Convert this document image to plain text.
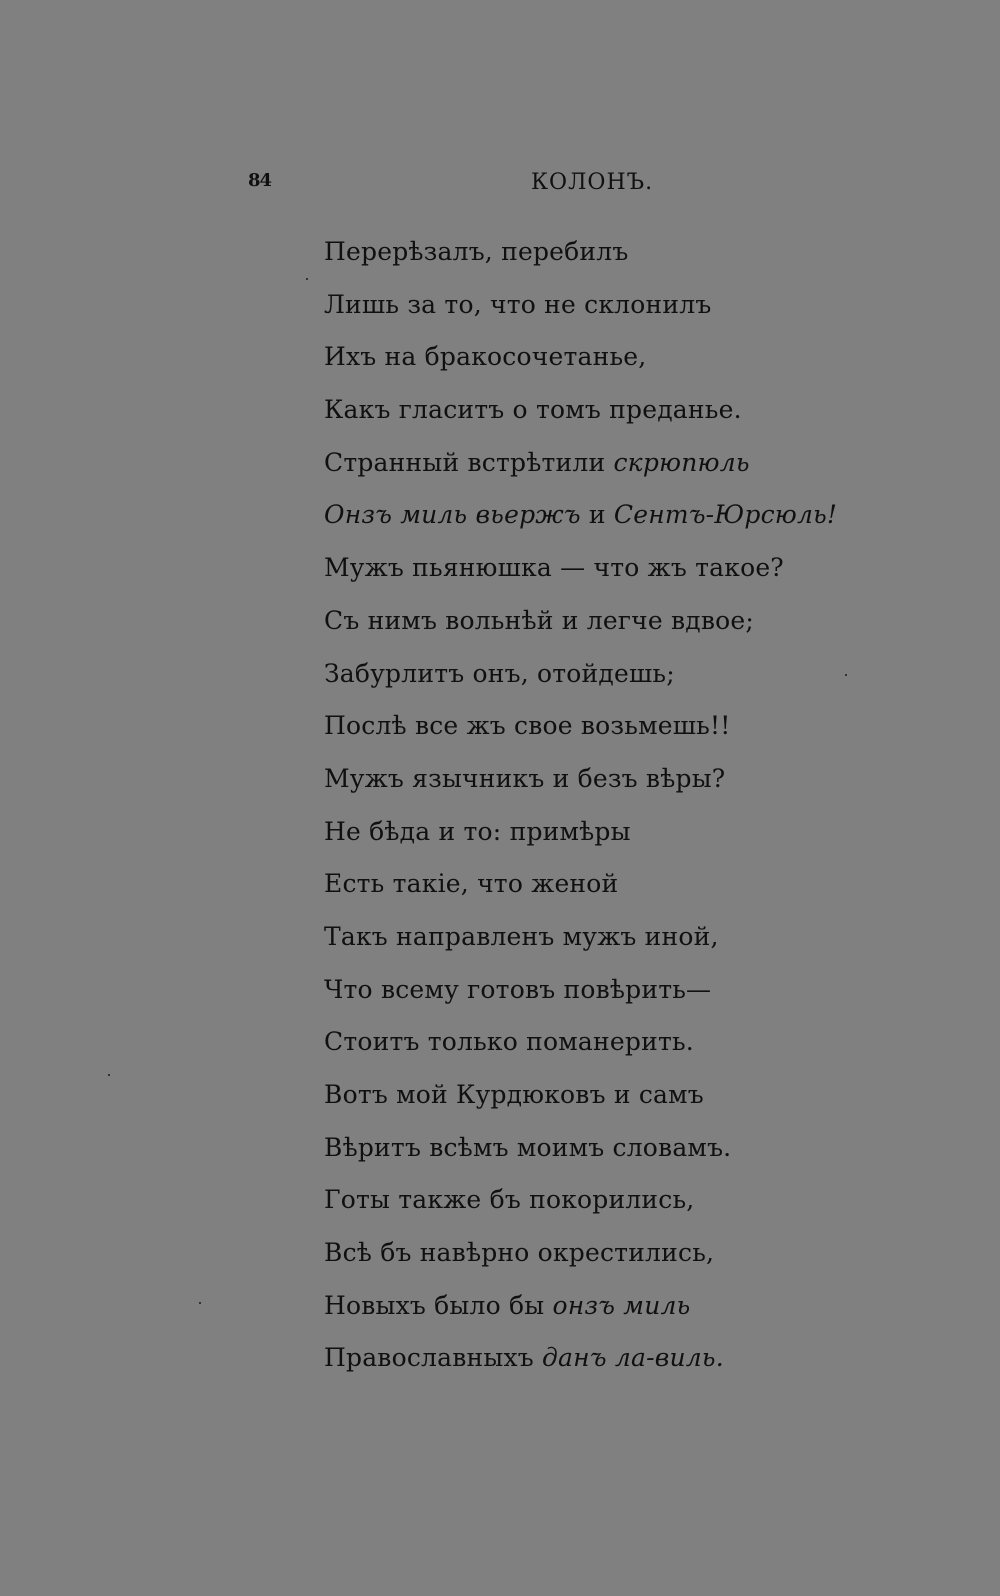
84	КОЛОНЪ.
Перерѣзалъ, перебилъ
Лишь за то, что не склонилъ
Ихъ на бракосочетанье,
Какъ гласитъ о томъ преданье.
Странный встрѣтили скрюпюль
Онзъ миль вьержъ и Сентъ-Юрсюль!
Мужъ пьянюшка — что жъ такое?
Съ нимъ вольнѣй и легче вдвое;
Забурлитъ онъ, отойдешь;
Послѣ все жъ свое возьмешь!!
Мужъ язычникъ и безъ вѣры?
Не бѣда и то: примѣры
Есть такіе, что женой
Такъ направленъ мужъ иной,
Что всему готовъ повѣрить—
Стоитъ только поманерить.
Вотъ мой Курдюковъ и самъ
Вѣритъ всѣмъ моимъ словамъ.
Готы также бъ покорились,
Всѣ бъ навѣрно окрестились,
Новыхъ было бы онзъ миль
Православныхъ данъ ла-виль.
